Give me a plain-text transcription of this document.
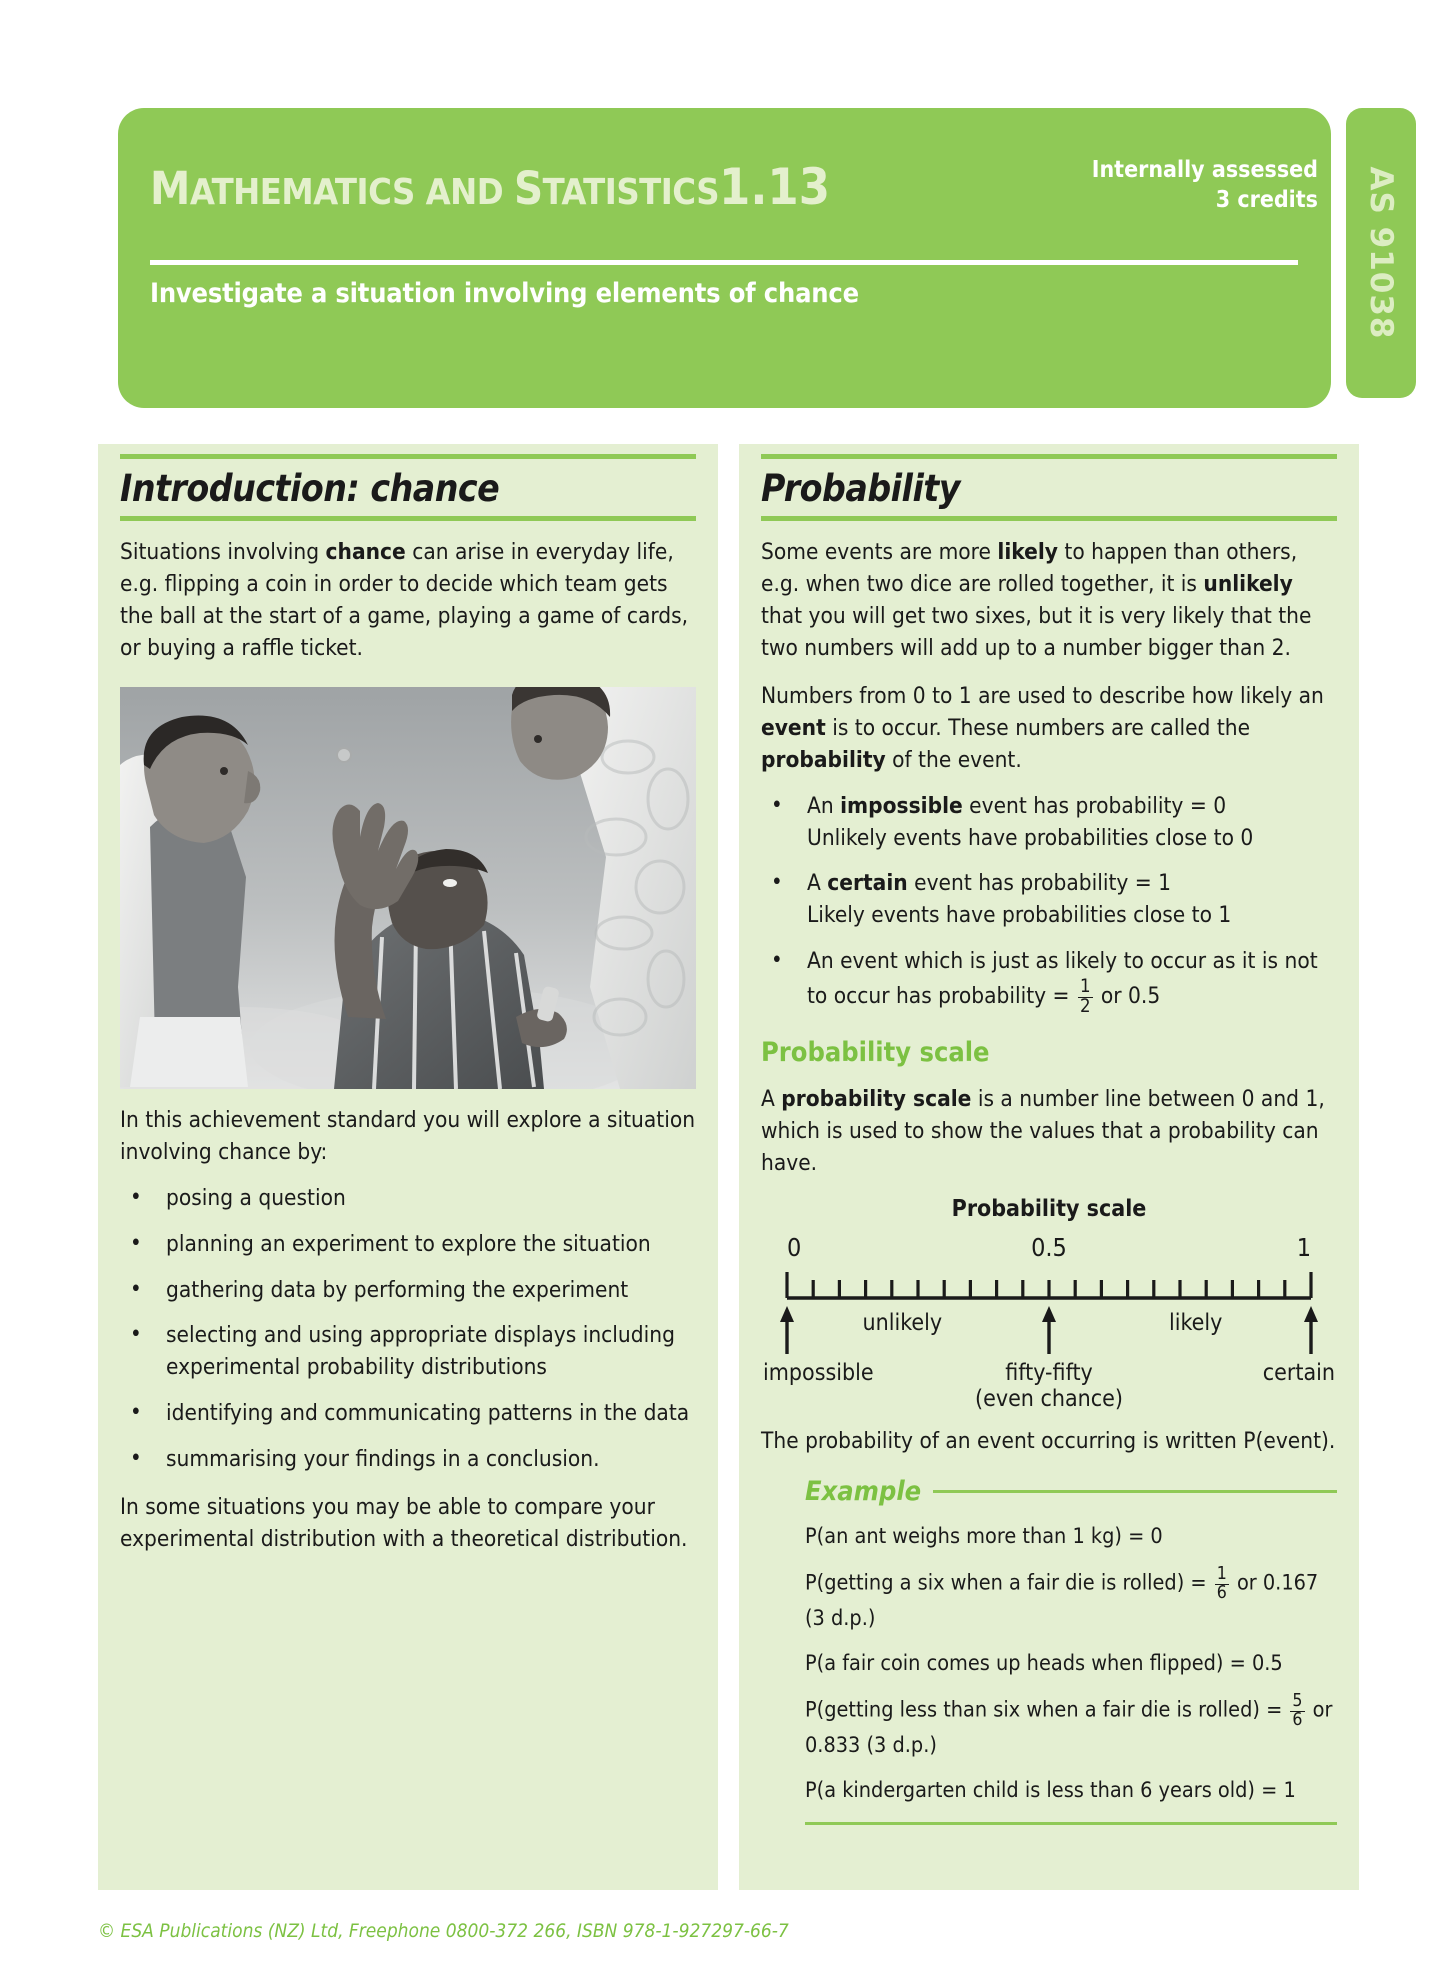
MATHEMATICS AND STATISTICS1.13	Internally assessed
3 credits
Investigate a situation involving elements of chance	AS 91038
Introduction: chance

Situations involving chance can arise in everyday life, e.g. flipping a coin in order to decide which team gets the ball at the start of a game, playing a game of cards, or buying a raffle ticket.

In this achievement standard you will explore a situation involving chance by:

• posing a question
• planning an experiment to explore the situation
• gathering data by performing the experiment
• selecting and using appropriate displays including experimental probability distributions
• identifying and communicating patterns in the data
• summarising your findings in a conclusion.

In some situations you may be able to compare your experimental distribution with a theoretical distribution.

Probability

Some events are more likely to happen than others, e.g. when two dice are rolled together, it is unlikely that you will get two sixes, but it is very likely that the two numbers will add up to a number bigger than 2.

Numbers from 0 to 1 are used to describe how likely an event is to occur. These numbers are called the probability of the event.

• An impossible event has probability = 0
Unlikely events have probabilities close to 0
• A certain event has probability = 1
Likely events have probabilities close to 1
• An event which is just as likely to occur as it is not to occur has probability = $\frac{1}{2}$ or 0.5
Probability scale

A probability scale is a number line between 0 and 1, which is used to show the values that a probability can have.

Probability scale
0	0.5	1
impossible	fifty-fifty
(even chance)
certain
unlikely	likely

The probability of an event occurring is written P(event).

Example
P(an ant weighs more than 1 kg) = 0
P(getting a six when a fair die is rolled) = $\frac{1}{6}$ or 0.167 (3 d.p.)
P(a fair coin comes up heads when flipped) = 0.5
P(getting less than six when a fair die is rolled) = $\frac{5}{6}$ or 0.833 (3 d.p.)
P(a kindergarten child is less than 6 years old) = 1
© ESA Publications (NZ) Ltd, Freephone 0800-372 266, ISBN 978-1-927297-66-7
